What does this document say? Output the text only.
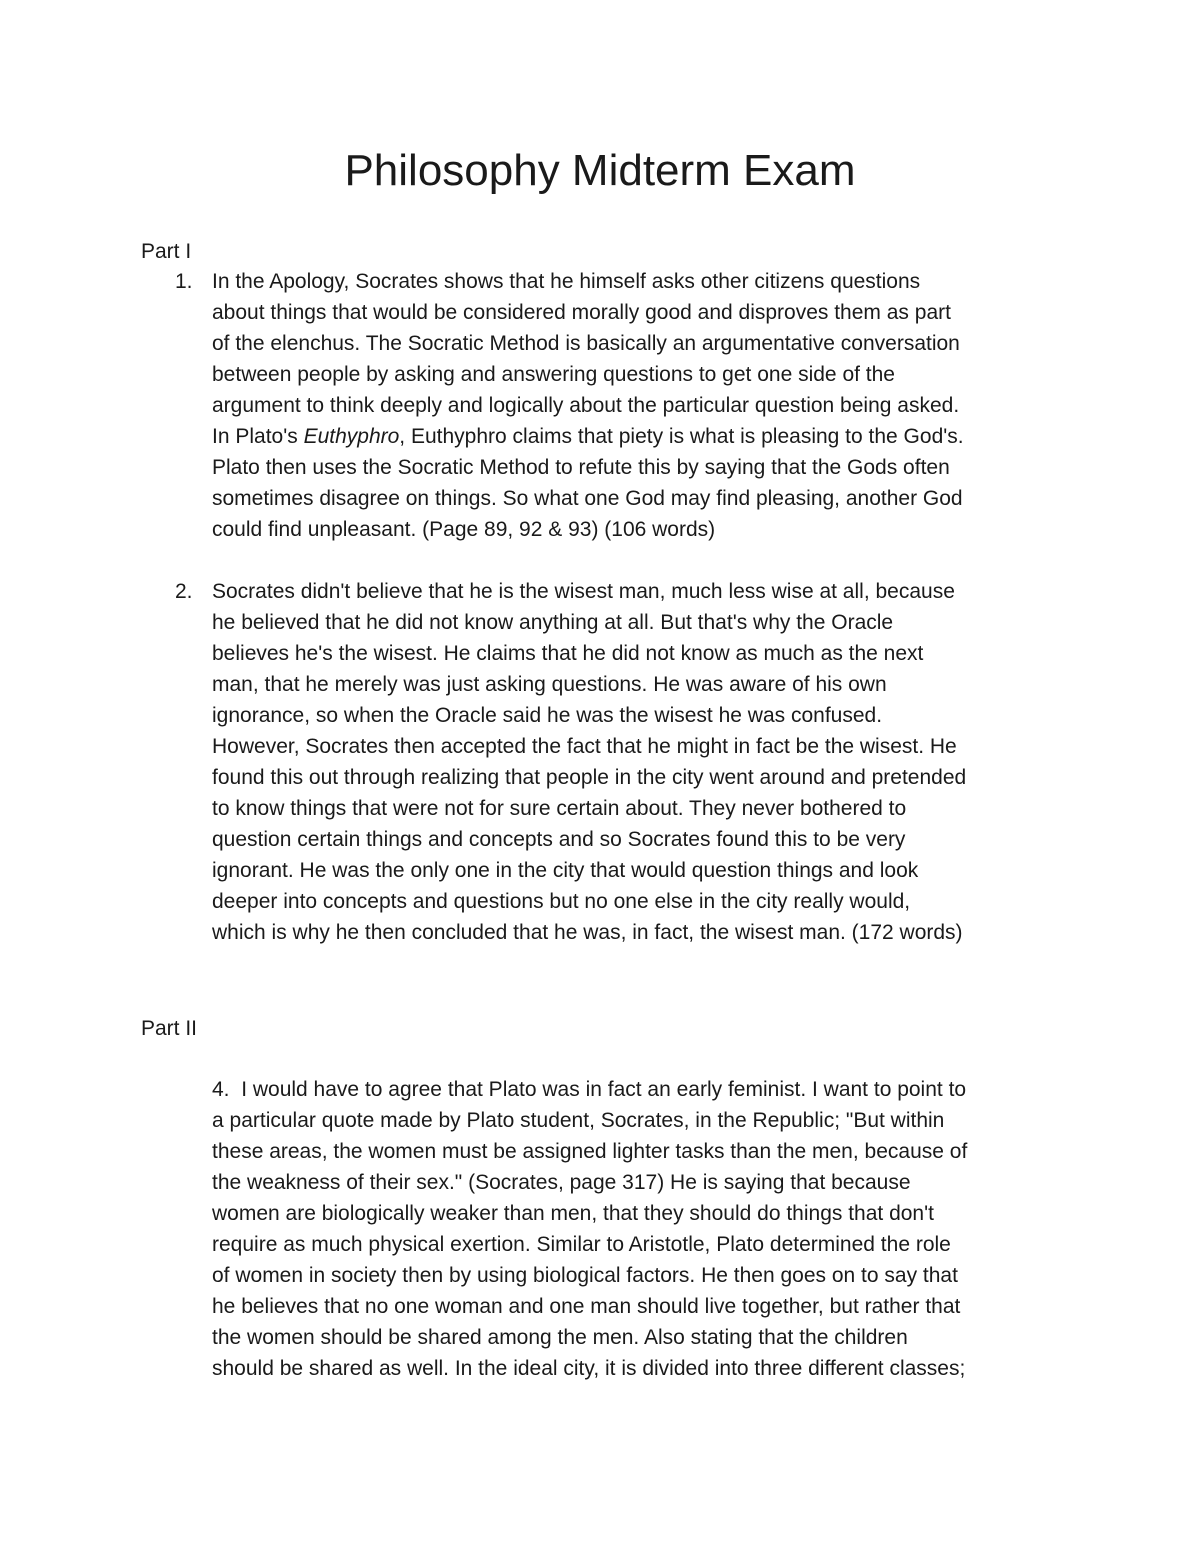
Philosophy Midterm Exam
Part I
1. In the Apology, Socrates shows that he himself asks other citizens questions
about things that would be considered morally good and disproves them as part
of the elenchus. The Socratic Method is basically an argumentative conversation
between people by asking and answering questions to get one side of the
argument to think deeply and logically about the particular question being asked.
In Plato's Euthyphro, Euthyphro claims that piety is what is pleasing to the God's.
Plato then uses the Socratic Method to refute this by saying that the Gods often
sometimes disagree on things. So what one God may find pleasing, another God
could find unpleasant. (Page 89, 92 & 93) (106 words)
2. Socrates didn't believe that he is the wisest man, much less wise at all, because
he believed that he did not know anything at all. But that's why the Oracle
believes he's the wisest. He claims that he did not know as much as the next
man, that he merely was just asking questions. He was aware of his own
ignorance, so when the Oracle said he was the wisest he was confused.
However, Socrates then accepted the fact that he might in fact be the wisest. He
found this out through realizing that people in the city went around and pretended
to know things that were not for sure certain about. They never bothered to
question certain things and concepts and so Socrates found this to be very
ignorant. He was the only one in the city that would question things and look
deeper into concepts and questions but no one else in the city really would,
which is why he then concluded that he was, in fact, the wisest man. (172 words)
Part II
4. I would have to agree that Plato was in fact an early feminist. I want to point to
a particular quote made by Plato student, Socrates, in the Republic; "But within
these areas, the women must be assigned lighter tasks than the men, because of
the weakness of their sex." (Socrates, page 317) He is saying that because
women are biologically weaker than men, that they should do things that don't
require as much physical exertion. Similar to Aristotle, Plato determined the role
of women in society then by using biological factors. He then goes on to say that
he believes that no one woman and one man should live together, but rather that
the women should be shared among the men. Also stating that the children
should be shared as well. In the ideal city, it is divided into three different classes;
